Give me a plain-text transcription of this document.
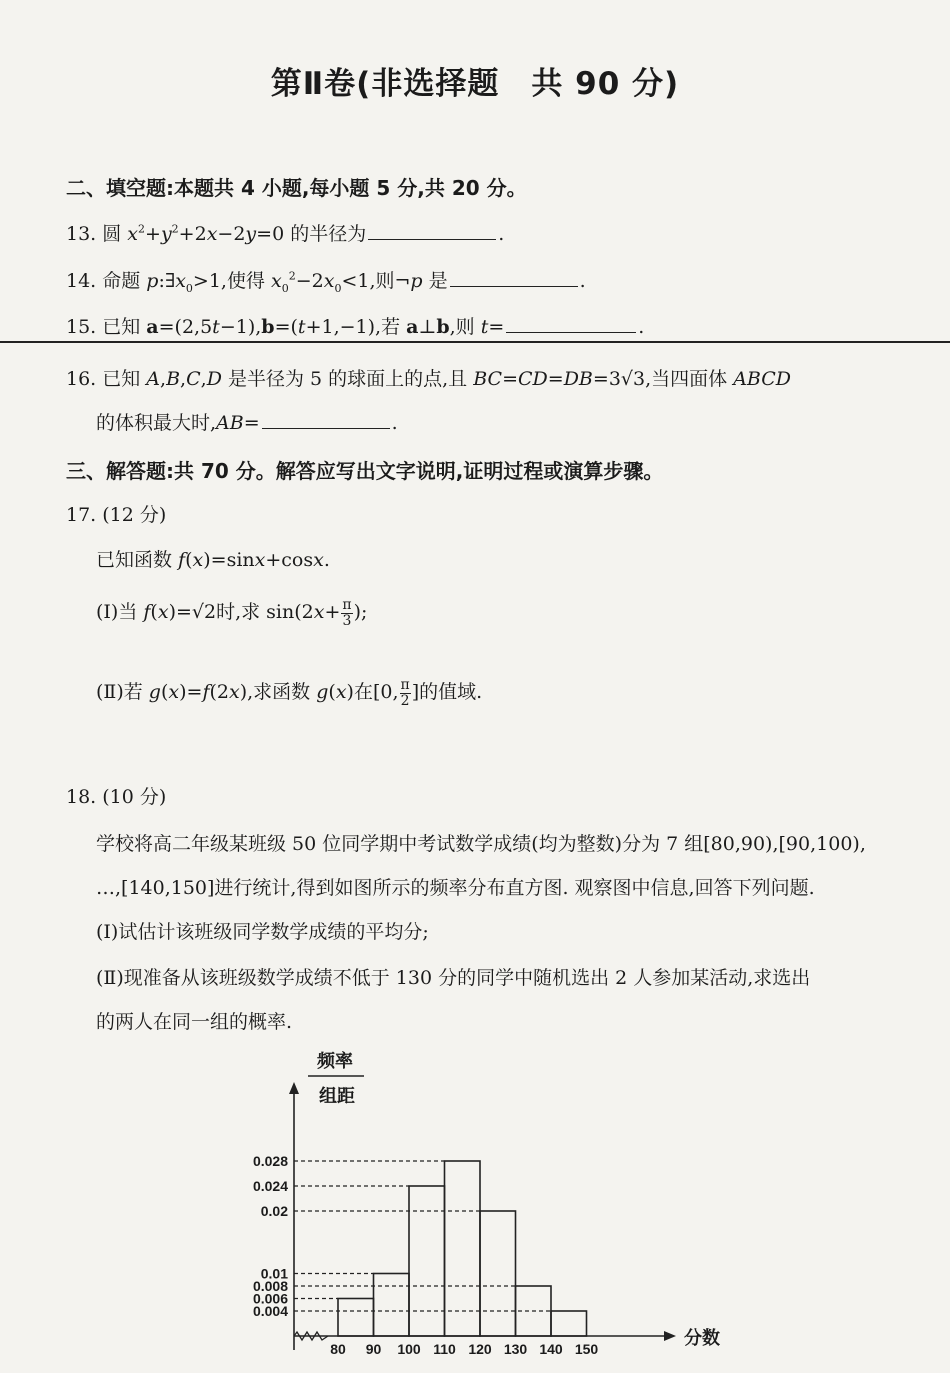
第Ⅱ卷(非选择题　共 90 分)
二、填空题:本题共 4 小题,每小题 5 分,共 20 分。
13. 圆 $x^2+y^2+2x-2y=0$ 的半径为	.
14. 命题 $p:\exists x_0>1$,使得 $x_0^2-2x_0<1$,则¬p 是	.
15. 已知 a=(2,5t−1),b=(t+1,−1),若 a⊥b,则 t=	.
16. 已知 A,B,C,D 是半径为 5 的球面上的点,且 BC=CD=DB=3√3,当四面体 ABCD
的体积最大时,AB=	.
三、解答题:共 70 分。解答应写出文字说明,证明过程或演算步骤。
17. (12 分)
已知函数 f(x)=sinx+cosx.
(Ⅰ)当 f(x)=√2时,求 $\sin(2x+ \frac{\pi}{3}$ );
(Ⅱ)若 g(x)=f(2x),求函数 g(x)在[0, $\frac{\pi}{2}$ ]的值域.
18. (10 分)
学校将高二年级某班级 50 位同学期中考试数学成绩(均为整数)分为 7 组[80,90),[90,100),
…,[140,150]进行统计,得到如图所示的频率分布直方图. 观察图中信息,回答下列问题.
(Ⅰ)试估计该班级同学数学成绩的平均分;
(Ⅱ)现准备从该班级数学成绩不低于 130 分的同学中随机选出 2 人参加某活动,求选出
的两人在同一组的概率.
0.004
0.006
0.008
0.01
0.02
0.024
0.028
80 90 100 110 120 130 140 150
频率
组距
分数
